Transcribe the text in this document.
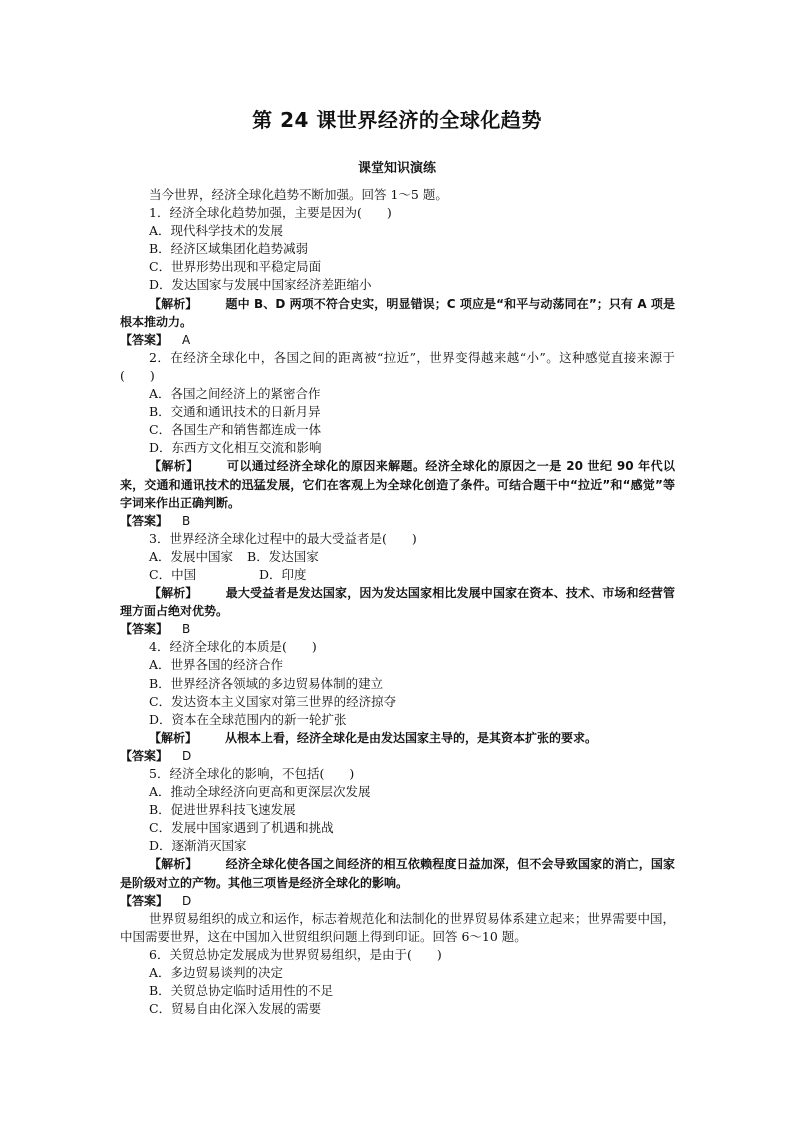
第 24 课世界经济的全球化趋势
课堂知识演练

当今世界，经济全球化趋势不断加强。回答 1～5 题。

1．经济全球化趋势加强，主要是因为(　　)

A．现代科学技术的发展

B．经济区域集团化趋势减弱

C．世界形势出现和平稳定局面

D．发达国家与发展中国家经济差距缩小

【解析】 题中 B、D 两项不符合史实，明显错误；C 项应是“和平与动荡同在”；只有 A 项是根本推动力。

【答案】 A

2．在经济全球化中，各国之间的距离被“拉近”，世界变得越来越“小”。这种感觉直接来源于(　　)

A．各国之间经济上的紧密合作

B．交通和通讯技术的日新月异

C．各国生产和销售都连成一体

D．东西方文化相互交流和影响

【解析】 可以通过经济全球化的原因来解题。经济全球化的原因之一是 20 世纪 90 年代以来，交通和通讯技术的迅猛发展，它们在客观上为全球化创造了条件。可结合题干中“拉近”和“感觉”等字词来作出正确判断。

【答案】 B

3．世界经济全球化过程中的最大受益者是(　　)

A．发展中国家 B．发达国家

C．中国	D．印度

【解析】 最大受益者是发达国家，因为发达国家相比发展中国家在资本、技术、市场和经营管理方面占绝对优势。

【答案】 B

4．经济全球化的本质是(　　)

A．世界各国的经济合作

B．世界经济各领域的多边贸易体制的建立

C．发达资本主义国家对第三世界的经济掠夺

D．资本在全球范围内的新一轮扩张

【解析】 从根本上看，经济全球化是由发达国家主导的，是其资本扩张的要求。

【答案】 D

5．经济全球化的影响，不包括(　　)

A．推动全球经济向更高和更深层次发展

B．促进世界科技飞速发展

C．发展中国家遇到了机遇和挑战

D．逐渐消灭国家

【解析】 经济全球化使各国之间经济的相互依赖程度日益加深，但不会导致国家的消亡，国家是阶级对立的产物。其他三项皆是经济全球化的影响。

【答案】 D

世界贸易组织的成立和运作，标志着规范化和法制化的世界贸易体系建立起来；世界需要中国，中国需要世界，这在中国加入世贸组织问题上得到印证。回答 6～10 题。

6．关贸总协定发展成为世界贸易组织，是由于(　　)

A．多边贸易谈判的决定

B．关贸总协定临时适用性的不足

C．贸易自由化深入发展的需要
